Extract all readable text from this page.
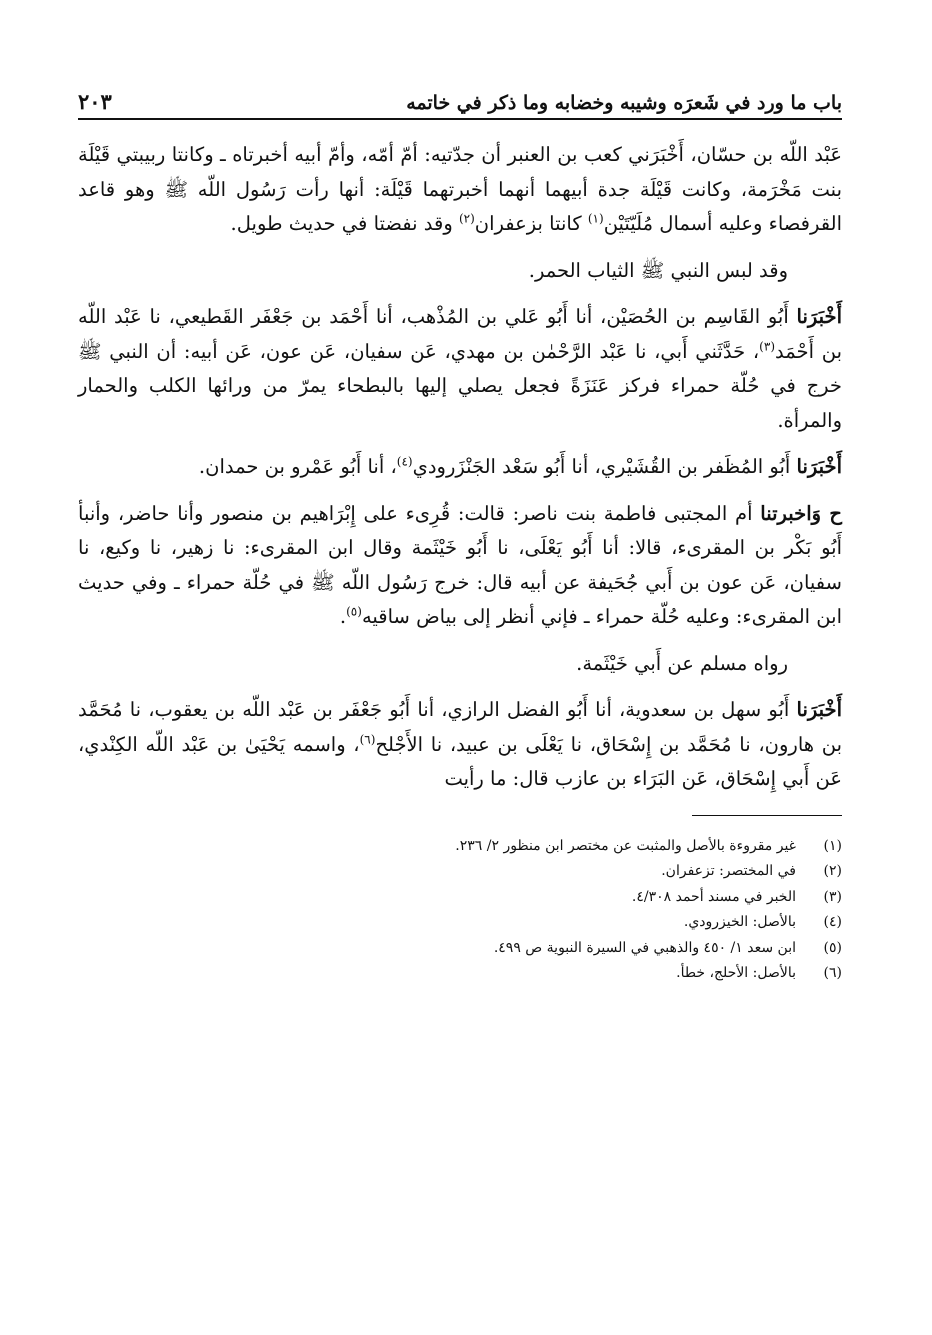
باب ما ورد في شَعرَه وشيبه وخضابه وما ذكر في خاتمه
٢٠٣

عَبْد اللّه بن حسّان، أَخْبَرَني كعب بن العنبر أن جدّتيه: أمّ أمّه، وأمّ أبيه أخبرتاه ـ وكانتا ربيبتي قَيْلَة بنت مَخْرَمة، وكانت قَيْلَة جدة أبيهما أنهما أخبرتهما قَيْلَة: أنها رأت رَسُول اللّه ﷺ وهو قاعد القرفصاء وعليه أسمال مُلَيّتَيْن$^{(١)}$ كانتا بزعفران$^{(٢)}$ وقد نفضتا في حديث طويل.

وقد لبس النبي ﷺ الثياب الحمر.

أَخْبَرَنا أَبُو القَاسِم بن الحُصَيْن، أنا أَبُو عَلي بن المُذْهب، أنا أَحْمَد بن جَعْفَر القَطيعي، نا عَبْد اللّه بن أَحْمَد$^{(٣)}$، حَدَّثَني أَبي، نا عَبْد الرَّحْمٰن بن مهدي، عَن سفيان، عَن عون، عَن أبيه: أن النبي ﷺ خرج في حُلّة حمراء فركز عَنَزَةً فجعل يصلي إليها بالبطحاء يمرّ من ورائها الكلب والحمار والمرأة.

أَخْبَرَنا أَبُو المُظَفر بن القُشَيْري، أنا أَبُو سَعْد الجَنْزَرودي$^{(٤)}$، أنا أَبُو عَمْرو بن حمدان.

ح وَاخبرتنا أم المجتبى فاطمة بنت ناصر: قالت: قُرِىء على إِبْرَاهيم بن منصور وأنا حاضر، وأنبأ أَبُو بَكْر بن المقرىء، قالا: أنا أَبُو يَعْلَى، نا أَبُو خَيْثَمة وقال ابن المقرىء: نا زهير، نا وكيع، نا سفيان، عَن عون بن أَبي جُحَيفة عن أبيه قال: خرج رَسُول اللّه ﷺ في حُلّة حمراء ـ وفي حديث ابن المقرىء: وعليه حُلّة حمراء ـ فإني أنظر إلى بياض ساقيه$^{(٥)}$.

رواه مسلم عن أَبي خَيْثَمة.

أَخْبَرَنا أَبُو سهل بن سعدوية، أنا أَبُو الفضل الرازي، أنا أَبُو جَعْفَر بن عَبْد اللّه بن يعقوب، نا مُحَمَّد بن هارون، نا مُحَمَّد بن إِسْحَاق، نا يَعْلَى بن عبيد، نا الأَجْلح$^{(٦)}$، واسمه يَحْيَىٰ بن عَبْد اللّه الكِنْدي، عَن أَبي إِسْحَاق، عَن البَرَاء بن عازب قال: ما رأيت

(١)
غير مقروءة بالأصل والمثبت عن مختصر ابن منظور ٢/ ٢٣٦.
(٢)
في المختصر: تزعفران.
(٣)
الخبر في مسند أحمد ٤/٣٠٨.
(٤)
بالأصل: الخيزرودي.
(٥)
ابن سعد ١/ ٤٥٠ والذهبي في السيرة النبوية ص ٤٩٩.
(٦)
بالأصل: الأحلج، خطأ.
